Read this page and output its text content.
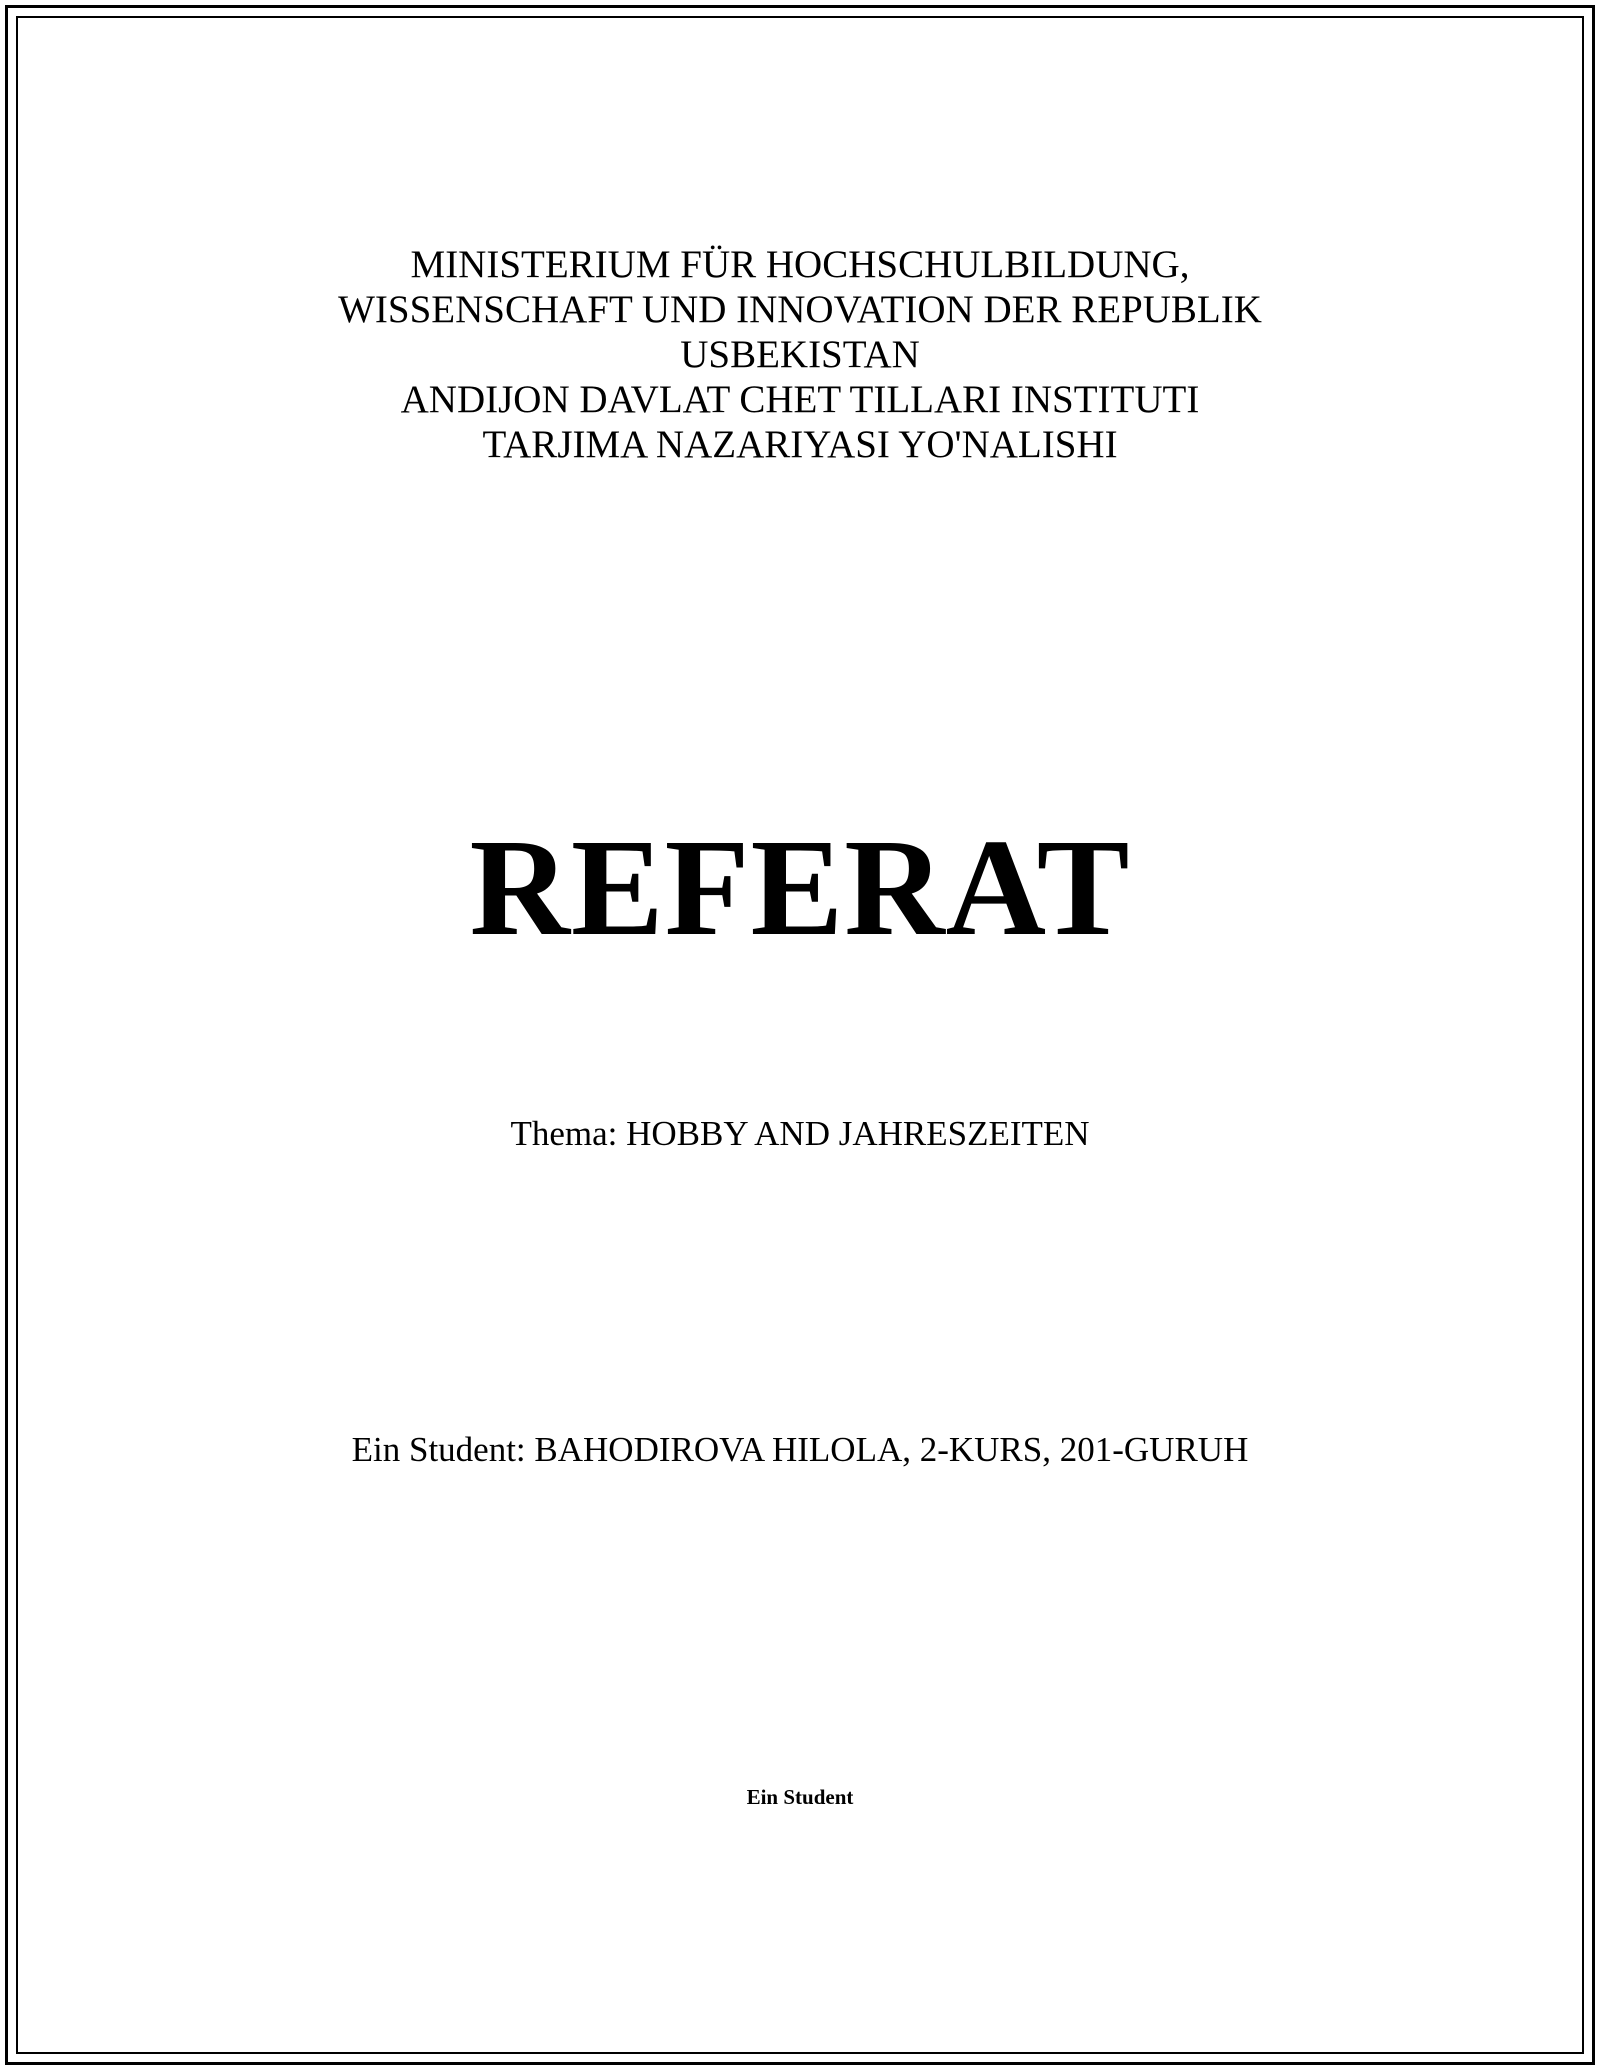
MINISTERIUM FÜR HOCHSCHULBILDUNG,
WISSENSCHAFT UND INNOVATION DER REPUBLIK
USBEKISTAN
ANDIJON DAVLAT CHET TILLARI INSTITUTI
TARJIMA NAZARIYASI YO'NALISHI
REFERAT
Thema: HOBBY AND JAHRESZEITEN
Ein Student: BAHODIROVA HILOLA, 2-KURS, 201-GURUH
Ein Student
